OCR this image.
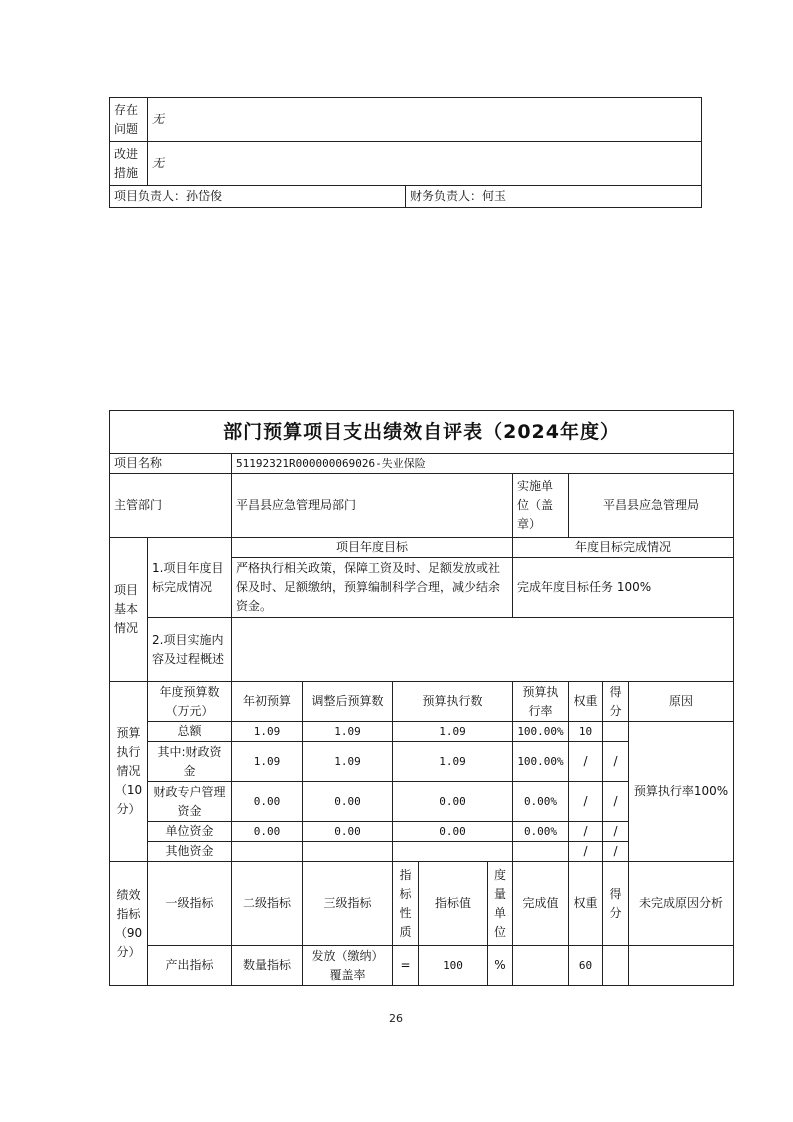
存在问题	无	
改进措施	无	
项目负责人：孙岱俊		财务负责人：何玉
部门预算项目支出绩效自评表（2024年度）										
项目名称		51192321R000000069026-失业保险								
主管部门		平昌县应急管理局部门					实施单位（盖章）	平昌县应急管理局		
项目基本情况	1.项目年度目标完成情况	项目年度目标					年度目标完成情况			
		严格执行相关政策，保障工资及时、足额发放或社保及时、足额缴纳，预算编制科学合理，减少结余资金。					完成年度目标任务 100%			
	2.项目实施内容及过程概述									
预算执行情况（10分）	年度预算数（万元）	年初预算	调整后预算数	预算执行数			预算执行率	权重	得分	原因
	总额	1.09	1.09	1.09			100.00%	10		预算执行率100%
	其中:财政资金	1.09	1.09	1.09			100.00%	/	/	
	财政专户管理资金	0.00	0.00	0.00			0.00%	/	/	
	单位资金	0.00	0.00	0.00			0.00%	/	/	
	其他资金							/	/	
绩效指标（90分）	一级指标	二级指标	三级指标	指标性质	指标值	度量单位	完成值	权重	得分	未完成原因分析
	产出指标	数量指标	发放（缴纳）覆盖率	=	100	%		60		
26
